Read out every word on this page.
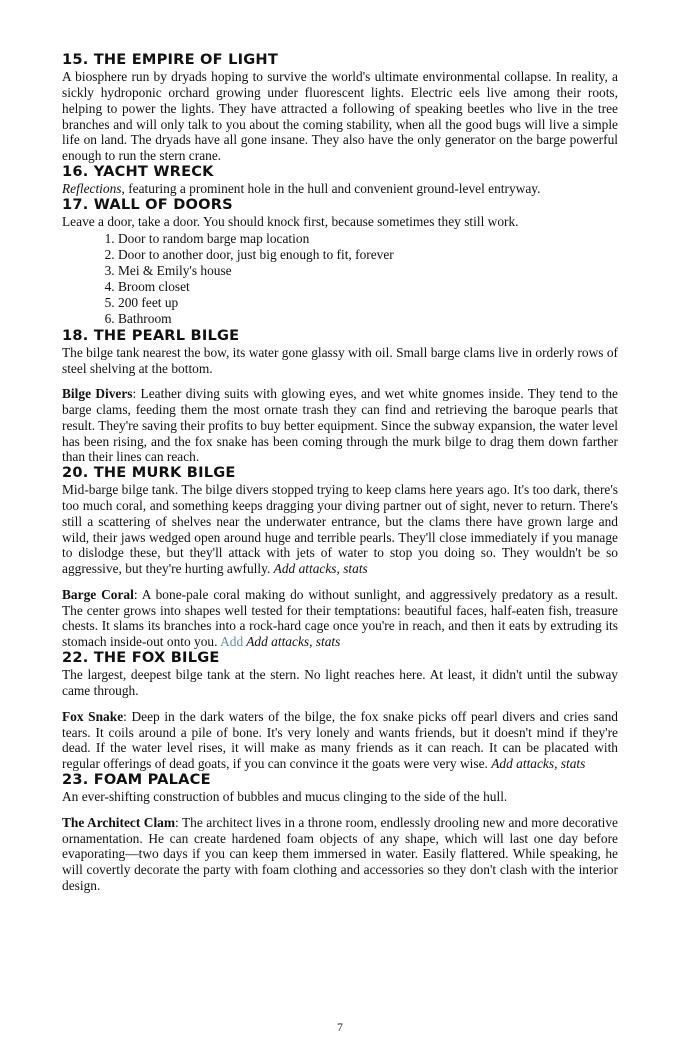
15. THE EMPIRE OF LIGHT

A biosphere run by dryads hoping to survive the world's ultimate environmental collapse. In reality, a sickly hydroponic orchard growing under fluorescent lights. Electric eels live among their roots, helping to power the lights. They have attracted a following of speaking beetles who live in the tree branches and will only talk to you about the coming stability, when all the good bugs will live a simple life on land. The dryads have all gone insane. They also have the only generator on the barge powerful enough to run the stern crane.

16. YACHT WRECK

Reflections, featuring a prominent hole in the hull and convenient ground-level entryway.

17. WALL OF DOORS

Leave a door, take a door. You should knock first, because sometimes they still work.

1. Door to random barge map location
2. Door to another door, just big enough to fit, forever
3. Mei & Emily's house
4. Broom closet
5. 200 feet up
6. Bathroom
18. THE PEARL BILGE

The bilge tank nearest the bow, its water gone glassy with oil. Small barge clams live in orderly rows of steel shelving at the bottom.

Bilge Divers: Leather diving suits with glowing eyes, and wet white gnomes inside. They tend to the barge clams, feeding them the most ornate trash they can find and retrieving the baroque pearls that result. They're saving their profits to buy better equipment. Since the subway expansion, the water level has been rising, and the fox snake has been coming through the murk bilge to drag them down farther than their lines can reach.

20. THE MURK BILGE

Mid-barge bilge tank. The bilge divers stopped trying to keep clams here years ago. It's too dark, there's too much coral, and something keeps dragging your diving partner out of sight, never to return. There's still a scattering of shelves near the underwater entrance, but the clams there have grown large and wild, their jaws wedged open around huge and terrible pearls. They'll close immediately if you manage to dislodge these, but they'll attack with jets of water to stop you doing so. They wouldn't be so aggressive, but they're hurting awfully. Add attacks, stats

Barge Coral: A bone-pale coral making do without sunlight, and aggressively predatory as a result. The center grows into shapes well tested for their temptations: beautiful faces, half-eaten fish, treasure chests. It slams its branches into a rock-hard cage once you're in reach, and then it eats by extruding its stomach inside-out onto you. Add Add attacks, stats

22. THE FOX BILGE

The largest, deepest bilge tank at the stern. No light reaches here. At least, it didn't until the subway came through.

Fox Snake: Deep in the dark waters of the bilge, the fox snake picks off pearl divers and cries sand tears. It coils around a pile of bone. It's very lonely and wants friends, but it doesn't mind if they're dead. If the water level rises, it will make as many friends as it can reach. It can be placated with regular offerings of dead goats, if you can convince it the goats were very wise. Add attacks, stats

23. FOAM PALACE

An ever-shifting construction of bubbles and mucus clinging to the side of the hull.

The Architect Clam: The architect lives in a throne room, endlessly drooling new and more decorative ornamentation. He can create hardened foam objects of any shape, which will last one day before evaporating—two days if you can keep them immersed in water. Easily flattered. While speaking, he will covertly decorate the party with foam clothing and accessories so they don't clash with the interior design.

7
